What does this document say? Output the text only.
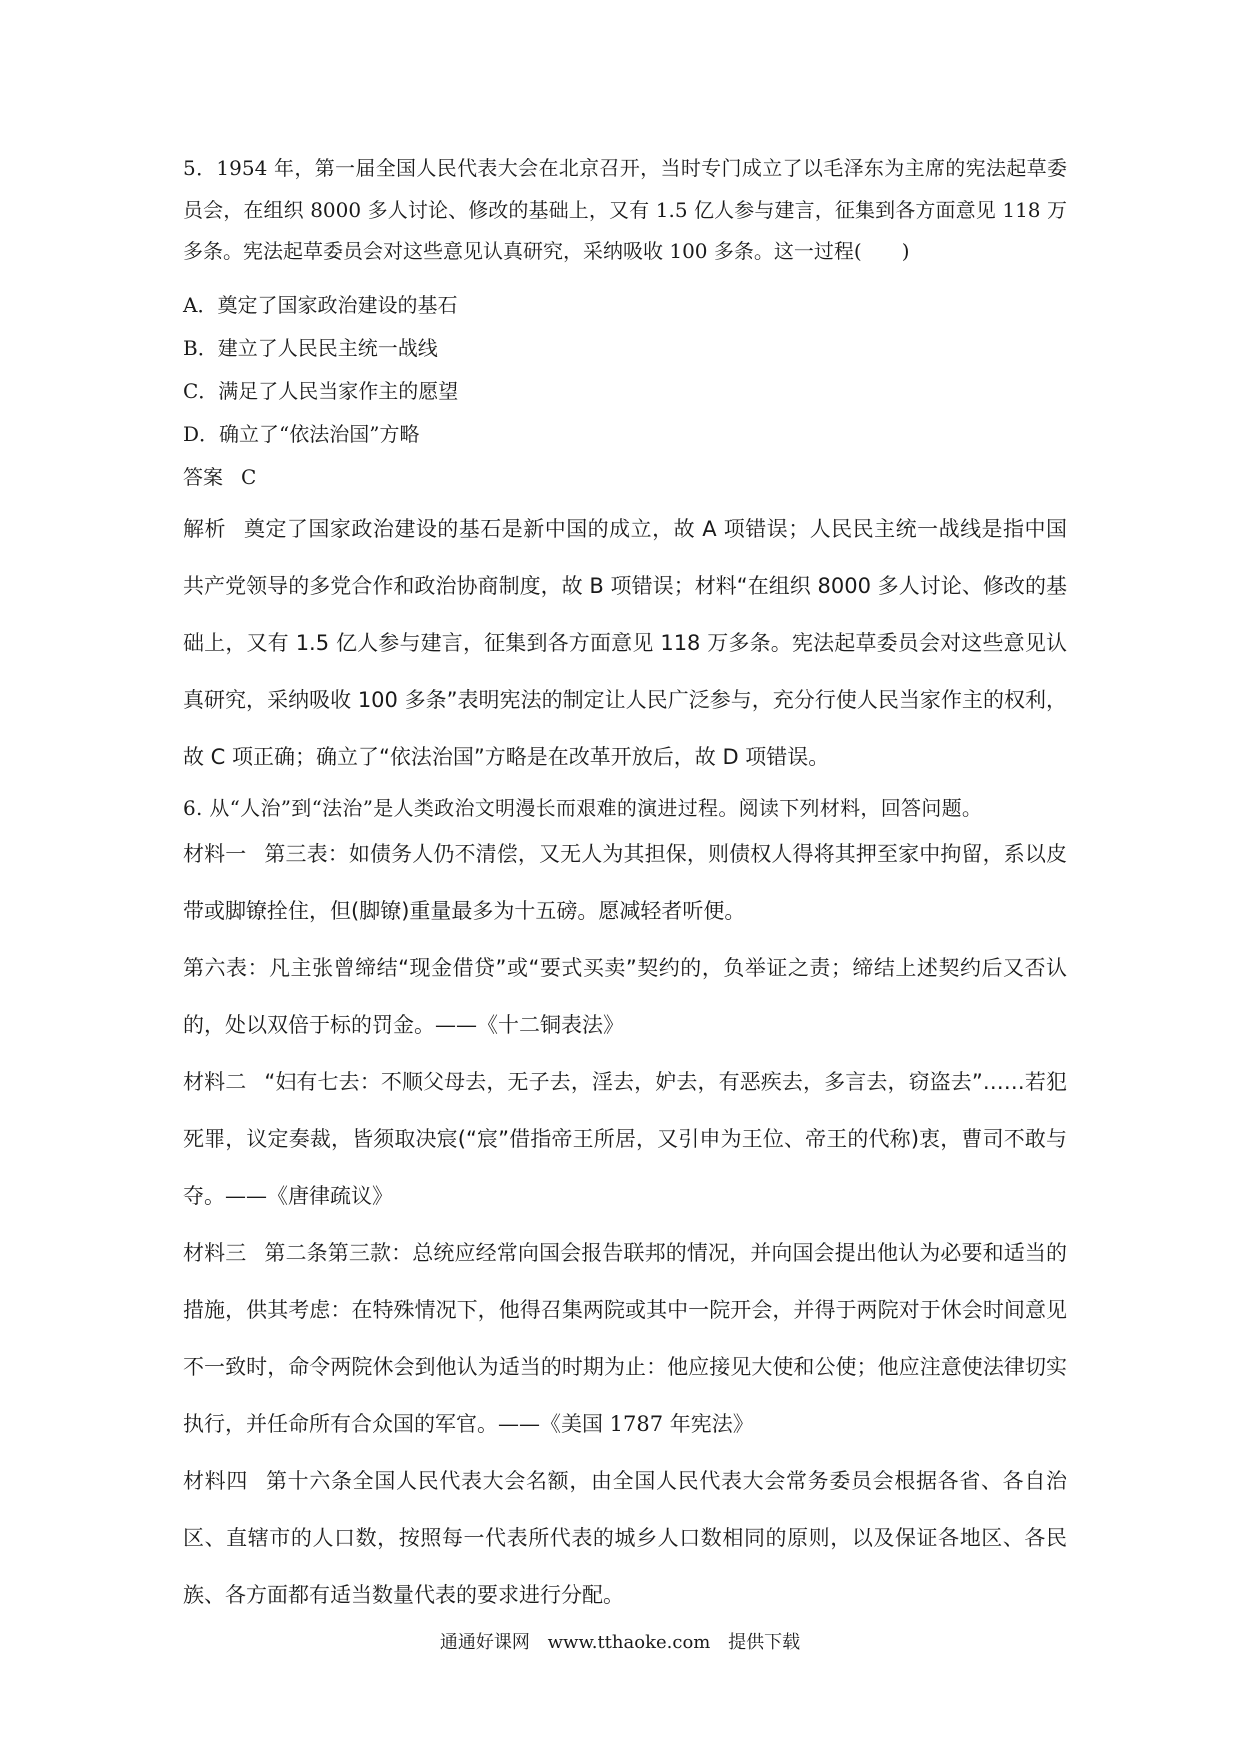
5．1954 年，第一届全国人民代表大会在北京召开，当时专门成立了以毛泽东为主席的宪法起草委员会，在组织 8000 多人讨论、修改的基础上，又有 1.5 亿人参与建言，征集到各方面意见 118 万多条。宪法起草委员会对这些意见认真研究，采纳吸收 100 多条。这一过程(　　)

A．奠定了国家政治建设的基石

B．建立了人民民主统一战线

C．满足了人民当家作主的愿望

D．确立了“依法治国”方略

答案 C

解析 奠定了国家政治建设的基石是新中国的成立，故 A 项错误；人民民主统一战线是指中国共产党领导的多党合作和政治协商制度，故 B 项错误；材料“在组织 8000 多人讨论、修改的基础上，又有 1.5 亿人参与建言，征集到各方面意见 118 万多条。宪法起草委员会对这些意见认真研究，采纳吸收 100 多条”表明宪法的制定让人民广泛参与，充分行使人民当家作主的权利，故 C 项正确；确立了“依法治国”方略是在改革开放后，故 D 项错误。

6. 从“人治”到“法治”是人类政治文明漫长而艰难的演进过程。阅读下列材料，回答问题。

材料一 第三表：如债务人仍不清偿，又无人为其担保，则债权人得将其押至家中拘留，系以皮带或脚镣拴住，但(脚镣)重量最多为十五磅。愿减轻者听便。

第六表：凡主张曾缔结“现金借贷”或“要式买卖”契约的，负举证之责；缔结上述契约后又否认的，处以双倍于标的罚金。——《十二铜表法》

材料二 “妇有七去：不顺父母去，无子去，淫去，妒去，有恶疾去，多言去，窃盗去”……若犯死罪，议定奏裁，皆须取决宸(“宸”借指帝王所居，又引申为王位、帝王的代称)衷，曹司不敢与夺。——《唐律疏议》

材料三 第二条第三款：总统应经常向国会报告联邦的情况，并向国会提出他认为必要和适当的措施，供其考虑：在特殊情况下，他得召集两院或其中一院开会，并得于两院对于休会时间意见不一致时，命令两院休会到他认为适当的时期为止：他应接见大使和公使；他应注意使法律切实执行，并任命所有合众国的军官。——《美国 1787 年宪法》

材料四 第十六条全国人民代表大会名额，由全国人民代表大会常务委员会根据各省、各自治区、直辖市的人口数，按照每一代表所代表的城乡人口数相同的原则，以及保证各地区、各民族、各方面都有适当数量代表的要求进行分配。

通通好课网 www.tthaoke.com 提供下载
